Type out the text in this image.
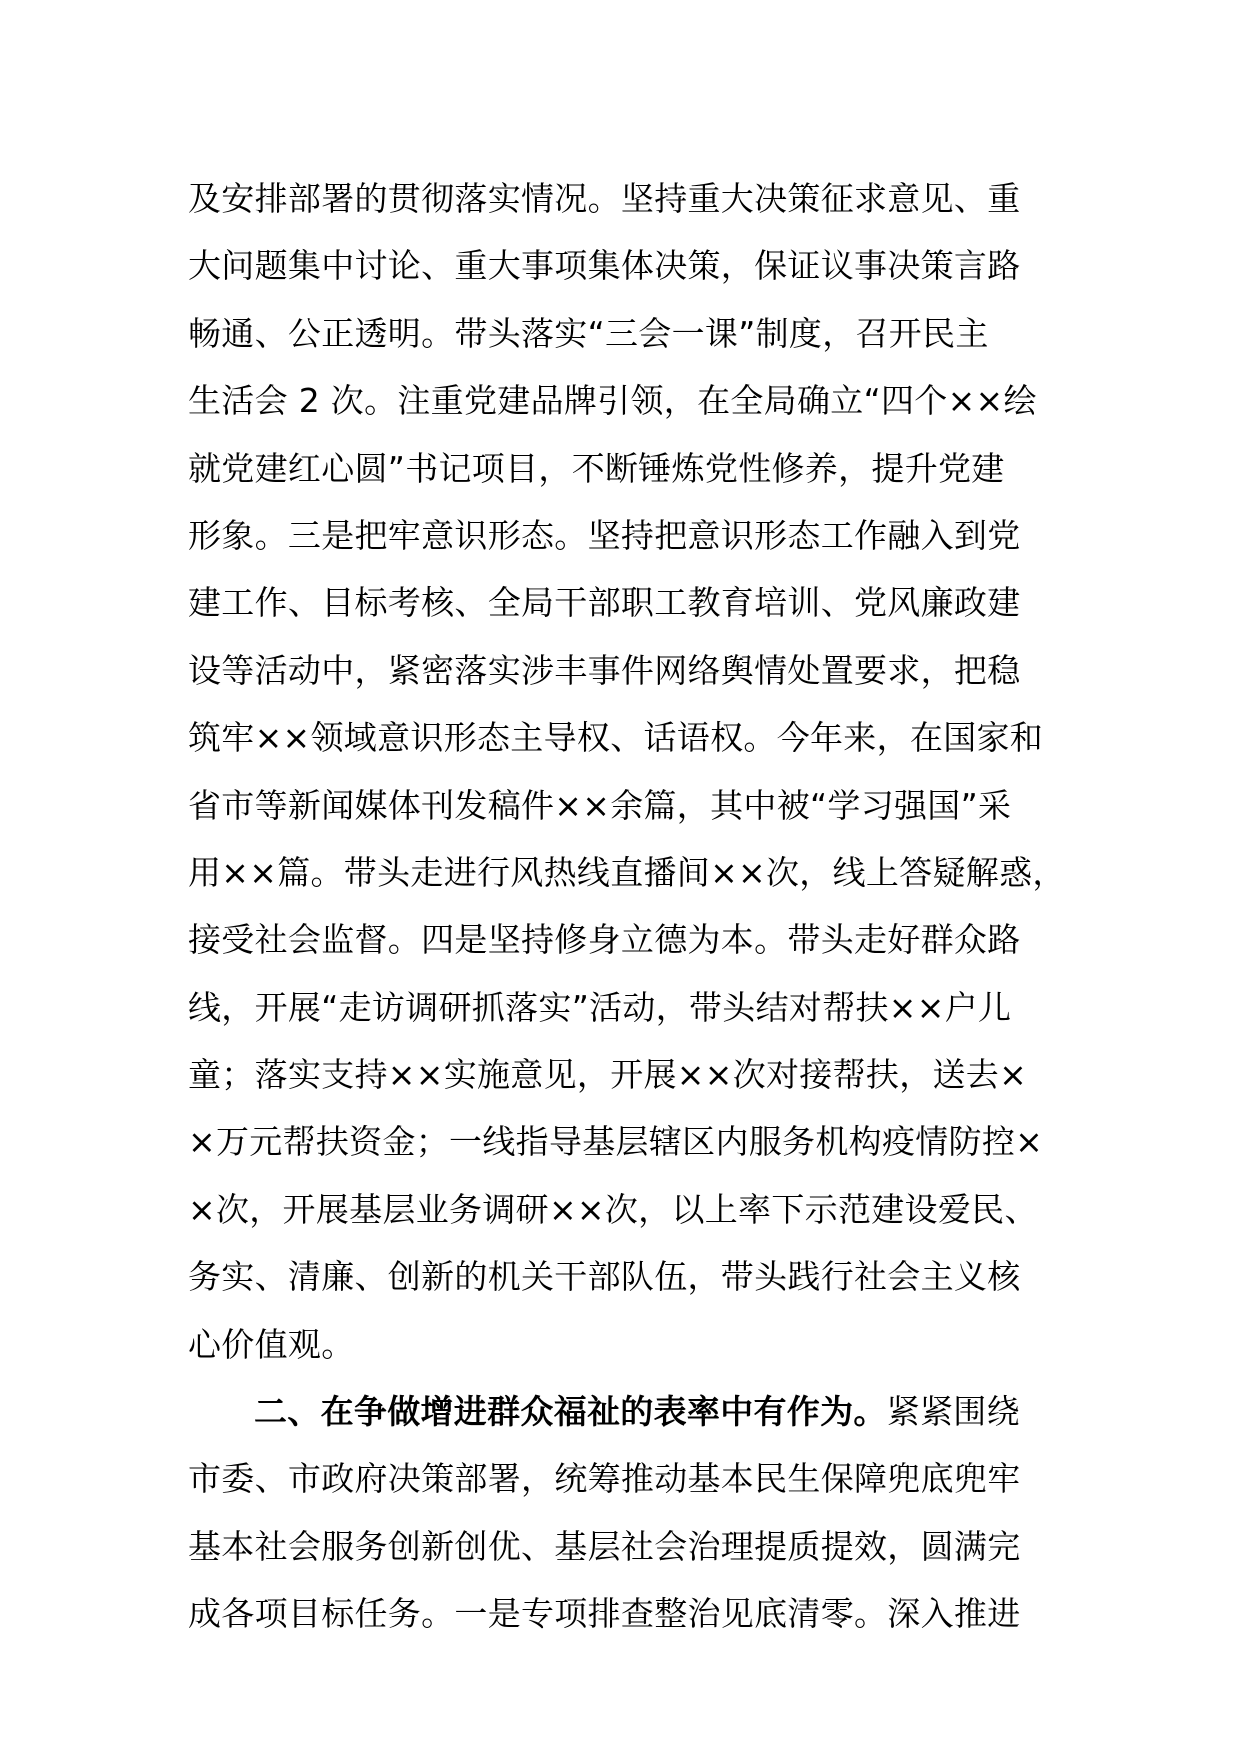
及安排部署的贯彻落实情况。坚持重大决策征求意见、重
大问题集中讨论、重大事项集体决策，保证议事决策言路
畅通、公正透明。带头落实“三会一课”制度，召开民主
生活会 2 次。注重党建品牌引领，在全局确立“四个××绘
就党建红心圆”书记项目，不断锤炼党性修养，提升党建
形象。三是把牢意识形态。坚持把意识形态工作融入到党
建工作、目标考核、全局干部职工教育培训、党风廉政建
设等活动中，紧密落实涉丰事件网络舆情处置要求，把稳
筑牢××领域意识形态主导权、话语权。今年来，在国家和
省市等新闻媒体刊发稿件××余篇，其中被“学习强国”采
用××篇。带头走进行风热线直播间××次，线上答疑解惑，
接受社会监督。四是坚持修身立德为本。带头走好群众路
线，开展“走访调研抓落实”活动，带头结对帮扶××户儿
童；落实支持××实施意见，开展××次对接帮扶，送去×
×万元帮扶资金；一线指导基层辖区内服务机构疫情防控×
×次，开展基层业务调研××次，以上率下示范建设爱民、
务实、清廉、创新的机关干部队伍，带头践行社会主义核
心价值观。
二、在争做增进群众福祉的表率中有作为。紧紧围绕
市委、市政府决策部署，统筹推动基本民生保障兜底兜牢
基本社会服务创新创优、基层社会治理提质提效，圆满完
成各项目标任务。一是专项排查整治见底清零。深入推进
